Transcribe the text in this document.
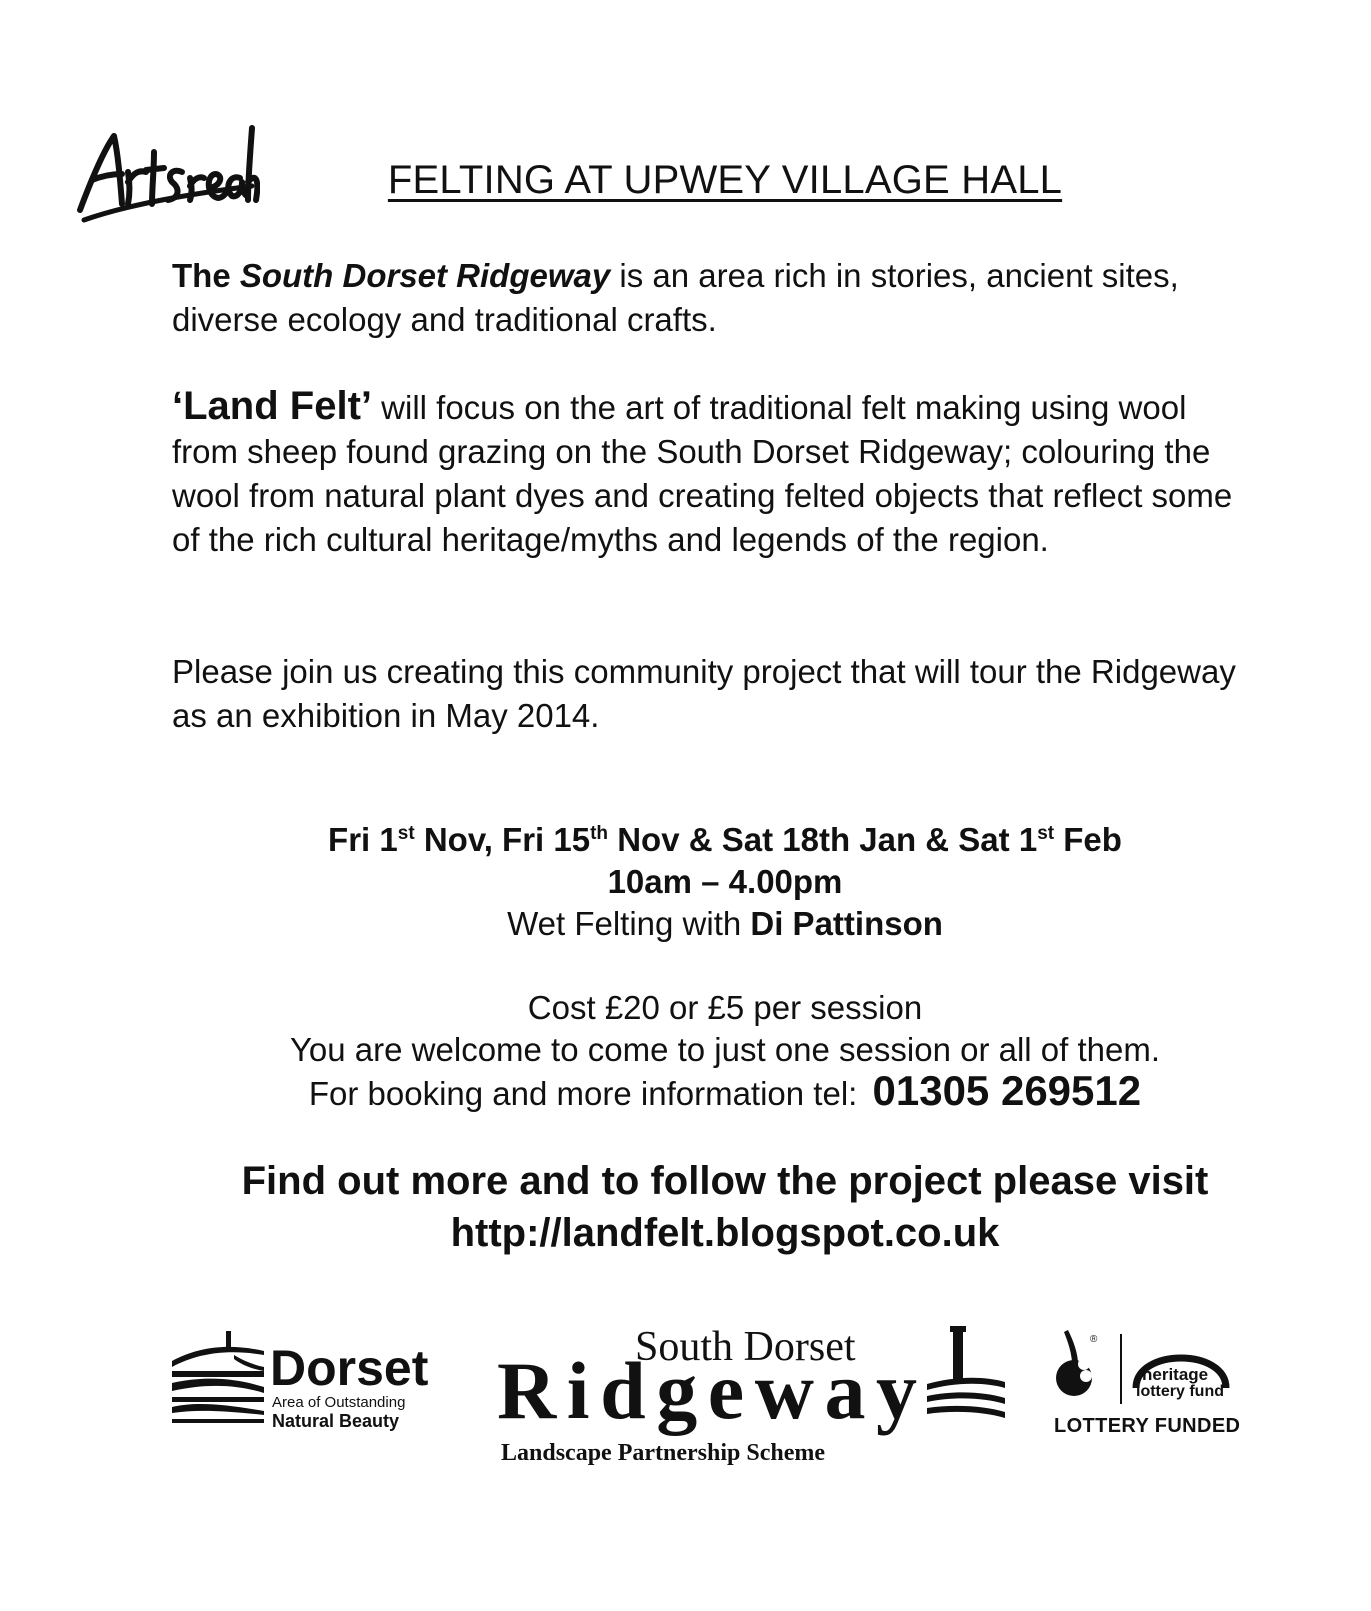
FELTING AT UPWEY VILLAGE HALL
The South Dorset Ridgeway is an area rich in stories, ancient sites, diverse ecology and traditional crafts.
‘Land Felt’ will focus on the art of traditional felt making using wool from sheep found grazing on the South Dorset Ridgeway; colouring the wool from natural plant dyes and creating felted objects that reflect some of the rich cultural heritage/myths and legends of the region.
Please join us creating this community project that will tour the Ridgeway as an exhibition in May 2014.
Fri 1st Nov, Fri 15th Nov & Sat 18th Jan & Sat 1st Feb
10am – 4.00pm
Wet Felting with Di Pattinson
Cost £20 or £5 per session
You are welcome to come to just one session or all of them.
For booking and more information tel: 01305 269512
Find out more and to follow the project please visit
http://landfelt.blogspot.co.uk
Dorset
Area of Outstanding
Natural Beauty
South Dorset
Ridgeway
Landscape Partnership Scheme
®
heritage
lottery fund
LOTTERY FUNDED
